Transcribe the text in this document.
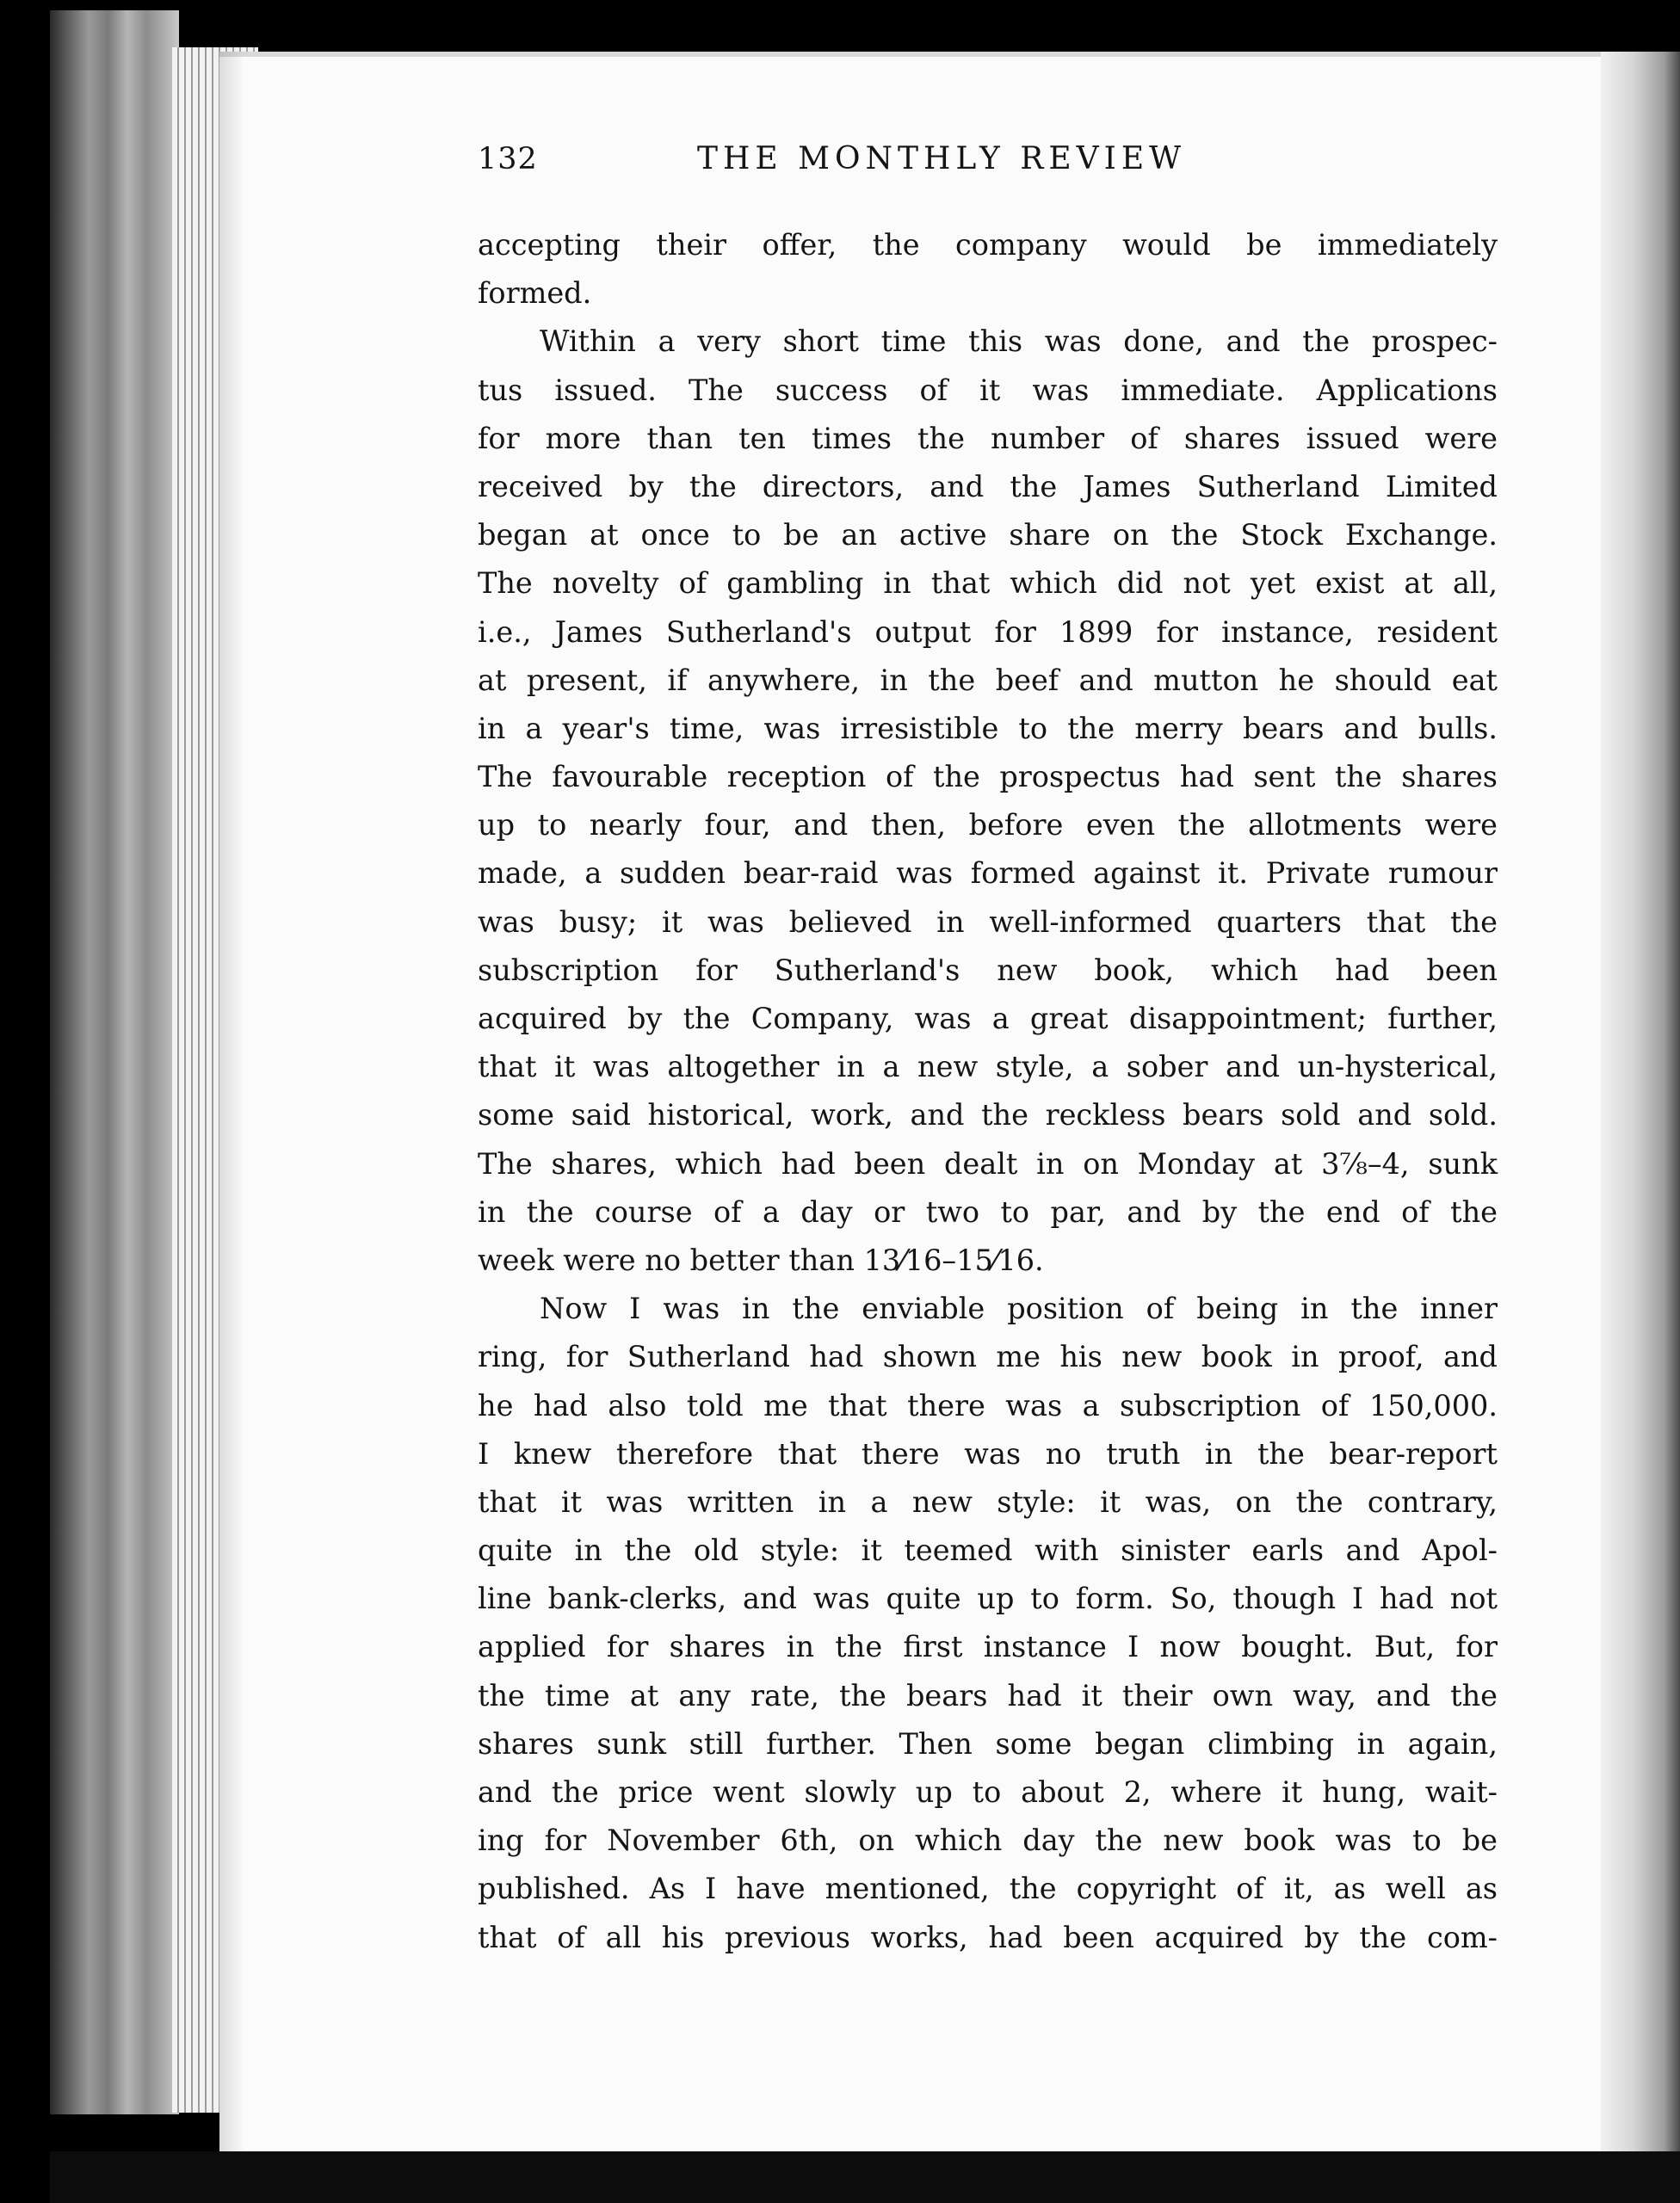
132	THE MONTHLY REVIEW
accepting their offer, the company would be immediately
formed.
Within a very short time this was done, and the prospec-
tus issued. The success of it was immediate. Applications
for more than ten times the number of shares issued were
received by the directors, and the James Sutherland Limited
began at once to be an active share on the Stock Exchange.
The novelty of gambling in that which did not yet exist at all,
i.e., James Sutherland's output for 1899 for instance, resident
at present, if anywhere, in the beef and mutton he should eat
in a year's time, was irresistible to the merry bears and bulls.
The favourable reception of the prospectus had sent the shares
up to nearly four, and then, before even the allotments were
made, a sudden bear-raid was formed against it. Private rumour
was busy; it was believed in well-informed quarters that the
subscription for Sutherland's new book, which had been
acquired by the Company, was a great disappointment; further,
that it was altogether in a new style, a sober and un-hysterical,
some said historical, work, and the reckless bears sold and sold.
The shares, which had been dealt in on Monday at 3⅞–4, sunk
in the course of a day or two to par, and by the end of the
week were no better than 13⁄16–15⁄16.
Now I was in the enviable position of being in the inner
ring, for Sutherland had shown me his new book in proof, and
he had also told me that there was a subscription of 150,000.
I knew therefore that there was no truth in the bear-report
that it was written in a new style: it was, on the contrary,
quite in the old style: it teemed with sinister earls and Apol-
line bank-clerks, and was quite up to form. So, though I had not
applied for shares in the first instance I now bought. But, for
the time at any rate, the bears had it their own way, and the
shares sunk still further. Then some began climbing in again,
and the price went slowly up to about 2, where it hung, wait-
ing for November 6th, on which day the new book was to be
published. As I have mentioned, the copyright of it, as well as
that of all his previous works, had been acquired by the com-
